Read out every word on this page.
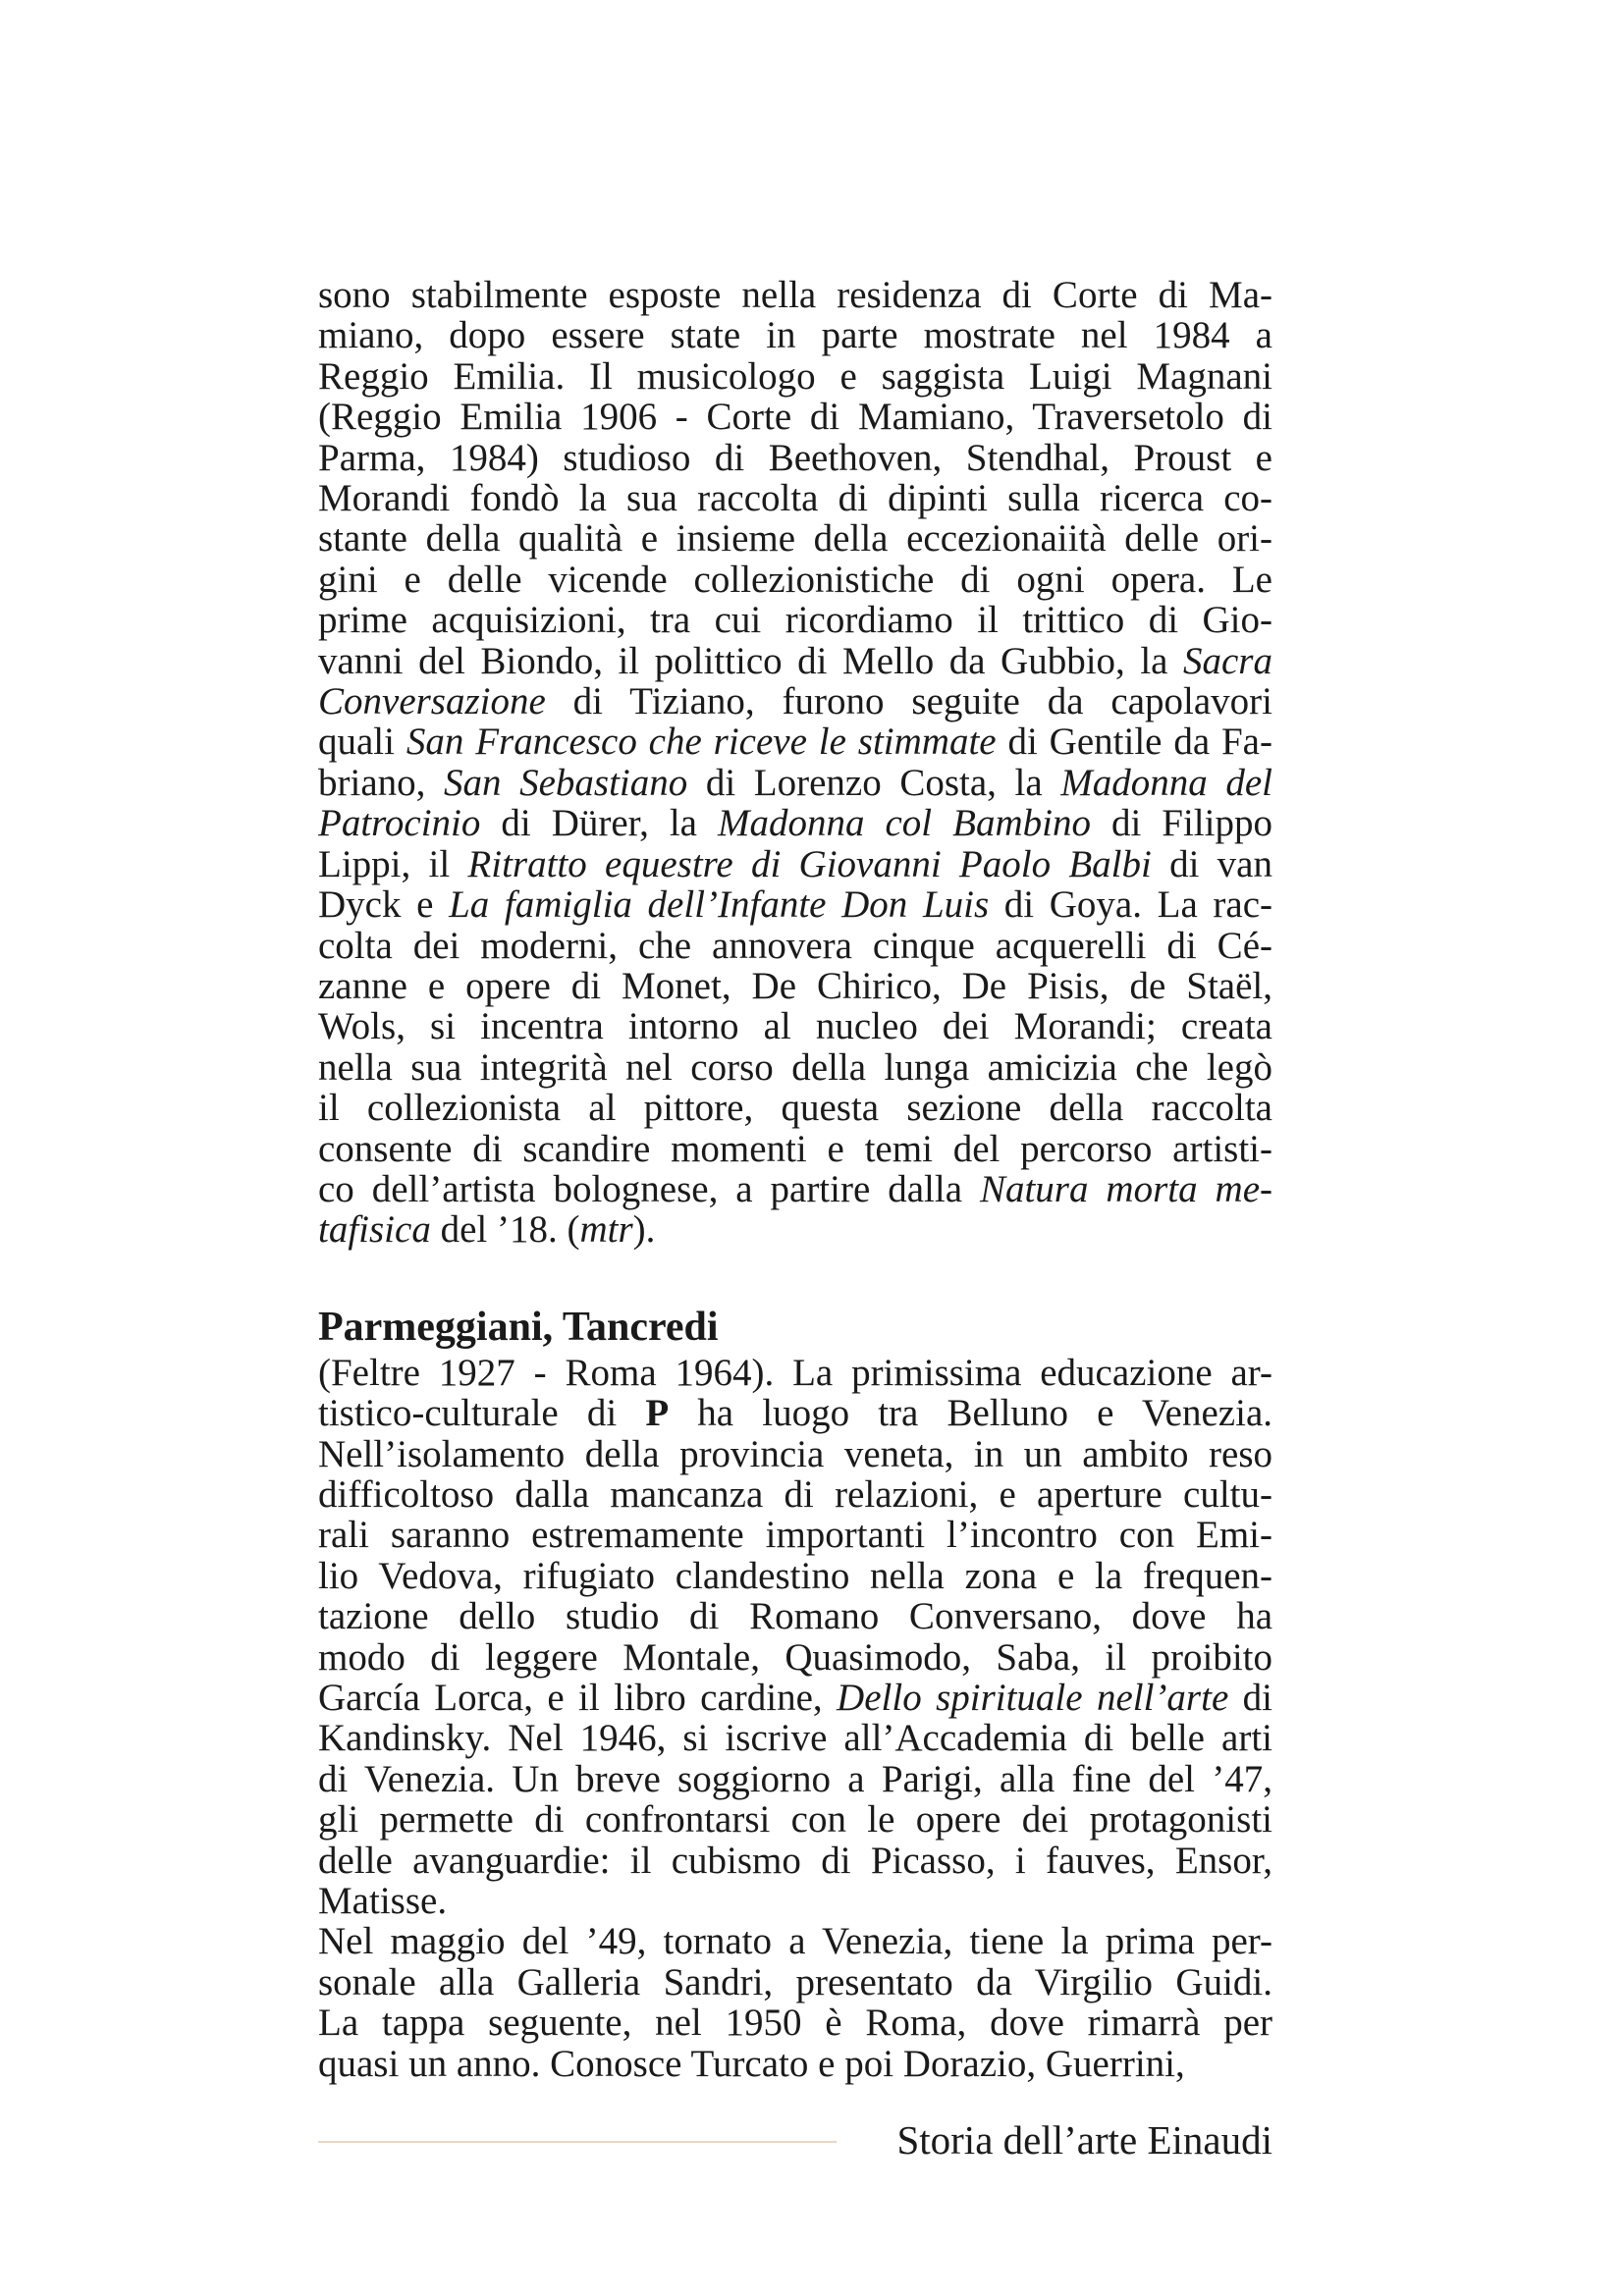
sono stabilmente esposte nella residenza di Corte di Ma-
miano, dopo essere state in parte mostrate nel 1984 a
Reggio Emilia. Il musicologo e saggista Luigi Magnani
(Reggio Emilia 1906 - Corte di Mamiano, Traversetolo di
Parma, 1984) studioso di Beethoven, Stendhal, Proust e
Morandi fondò la sua raccolta di dipinti sulla ricerca co-
stante della qualità e insieme della eccezionaiità delle ori-
gini e delle vicende collezionistiche di ogni opera. Le
prime acquisizioni, tra cui ricordiamo il trittico di Gio-
vanni del Biondo, il polittico di Mello da Gubbio, la Sacra
Conversazione di Tiziano, furono seguite da capolavori
quali San Francesco che riceve le stimmate di Gentile da Fa-
briano, San Sebastiano di Lorenzo Costa, la Madonna del
Patrocinio di Dürer, la Madonna col Bambino di Filippo
Lippi, il Ritratto equestre di Giovanni Paolo Balbi di van
Dyck e La famiglia dell’Infante Don Luis di Goya. La rac-
colta dei moderni, che annovera cinque acquerelli di Cé-
zanne e opere di Monet, De Chirico, De Pisis, de Staël,
Wols, si incentra intorno al nucleo dei Morandi; creata
nella sua integrità nel corso della lunga amicizia che legò
il collezionista al pittore, questa sezione della raccolta
consente di scandire momenti e temi del percorso artisti-
co dell’artista bolognese, a partire dalla Natura morta me-
tafisica del ’18. (mtr).

Parmeggiani, Tancredi

(Feltre 1927 - Roma 1964). La primissima educazione ar-
tistico-culturale di P ha luogo tra Belluno e Venezia.
Nell’isolamento della provincia veneta, in un ambito reso
difficoltoso dalla mancanza di relazioni, e aperture cultu-
rali saranno estremamente importanti l’incontro con Emi-
lio Vedova, rifugiato clandestino nella zona e la frequen-
tazione dello studio di Romano Conversano, dove ha
modo di leggere Montale, Quasimodo, Saba, il proibito
García Lorca, e il libro cardine, Dello spirituale nell’arte di
Kandinsky. Nel 1946, si iscrive all’Accademia di belle arti
di Venezia. Un breve soggiorno a Parigi, alla fine del ’47,
gli permette di confrontarsi con le opere dei protagonisti
delle avanguardie: il cubismo di Picasso, i fauves, Ensor,
Matisse.

Nel maggio del ’49, tornato a Venezia, tiene la prima per-
sonale alla Galleria Sandri, presentato da Virgilio Guidi.
La tappa seguente, nel 1950 è Roma, dove rimarrà per
quasi un anno. Conosce Turcato e poi Dorazio, Guerrini,

Storia dell’arte Einaudi
